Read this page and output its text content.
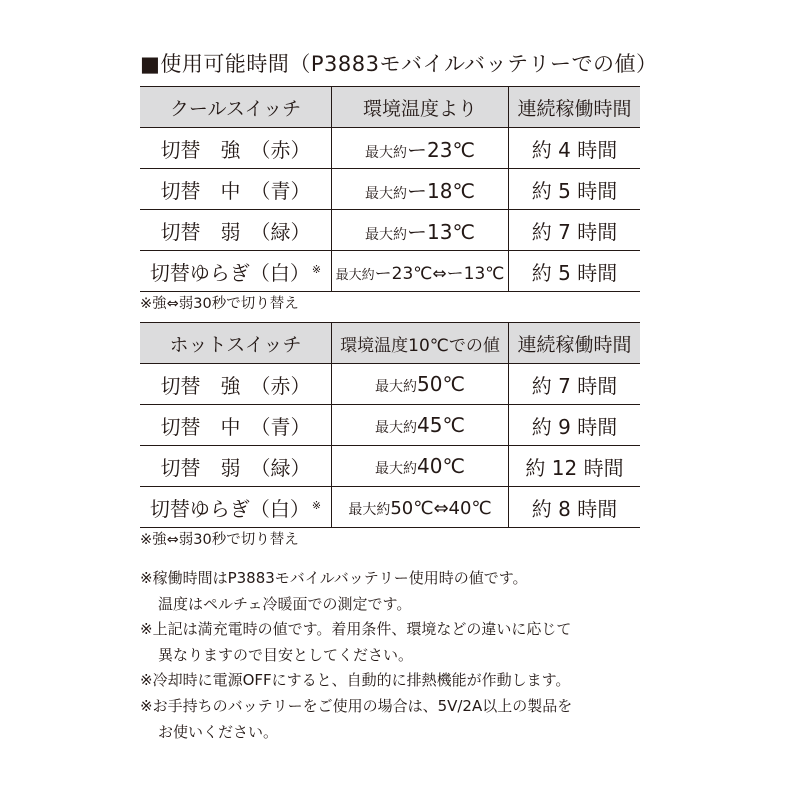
■使用可能時間（P3883モバイルバッテリーでの値）
クールスイッチ	環境温度より	連続稼働時間
切替　強　（赤）	最大約ー23℃	約 4 時間
切替　中　（青）	最大約ー18℃	約 5 時間
切替　弱　（緑）	最大約ー13℃	約 7 時間
切替ゆらぎ（白） ※	最大約ー23℃⇔ー13℃	約 5 時間
※強⇔弱30秒で切り替え
ホットスイッチ	環境温度10℃での値	連続稼働時間
切替　強　（赤）	最大約50℃	約 7 時間
切替　中　（青）	最大約45℃	約 9 時間
切替　弱　（緑）	最大約40℃	約 12 時間
切替ゆらぎ（白） ※	最大約50℃⇔40℃	約 8 時間
※強⇔弱30秒で切り替え
※稼働時間はP3883モバイルバッテリー使用時の値です。
温度はペルチェ冷暖面での測定です。
※上記は満充電時の値です。着用条件、環境などの違いに応じて
異なりますので目安としてください。
※冷却時に電源OFFにすると、自動的に排熱機能が作動します。
※お手持ちのバッテリーをご使用の場合は、5V/2A以上の製品を
お使いください。
